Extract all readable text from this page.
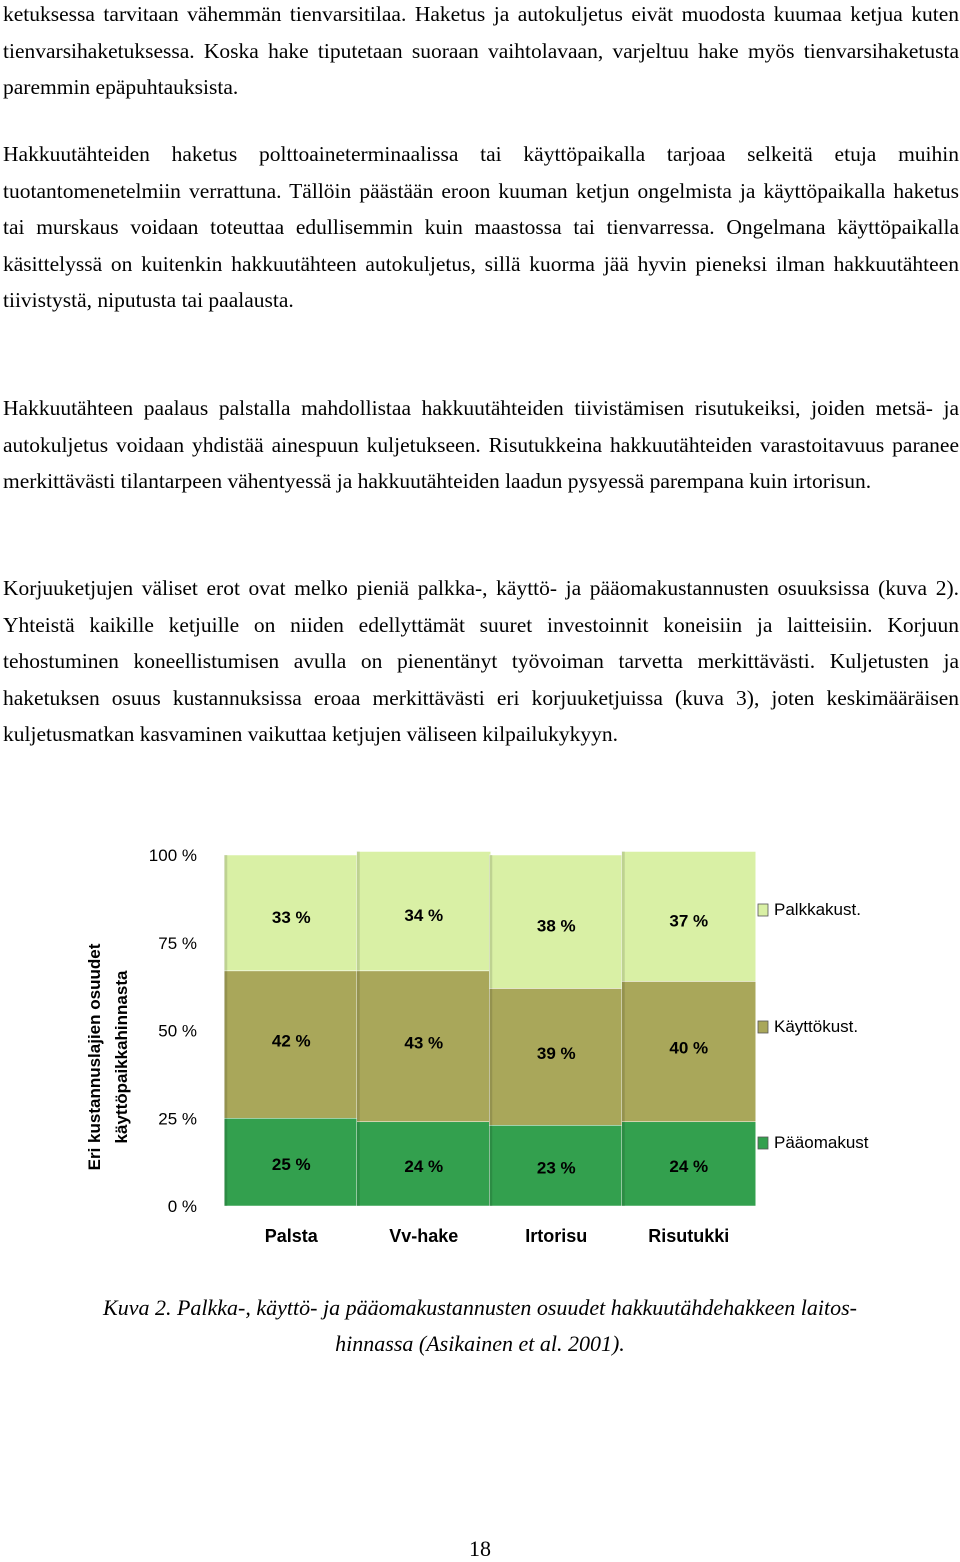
ketuksessa tarvitaan vähemmän tienvarsitilaa. Haketus ja autokuljetus eivät muodosta kuumaa ketjua kuten tienvarsihaketuksessa. Koska hake tiputetaan suoraan vaihtolavaan, varjeltuu hake myös tienvarsihaketusta paremmin epäpuhtauksista.

Hakkuutähteiden haketus polttoaineterminaalissa tai käyttöpaikalla tarjoaa selkeitä etuja muihin tuotantomenetelmiin verrattuna. Tällöin päästään eroon kuuman ketjun ongelmista ja käyttöpaikalla haketus tai murskaus voidaan toteuttaa edullisemmin kuin maastossa tai tienvarressa. Ongelmana käyttöpaikalla käsittelyssä on kuitenkin hakkuutähteen autokuljetus, sillä kuorma jää hyvin pieneksi ilman hakkuutähteen tiivistystä, niputusta tai paalausta.

Hakkuutähteen paalaus palstalla mahdollistaa hakkuutähteiden tiivistämisen risutukeiksi, joiden metsä- ja autokuljetus voidaan yhdistää ainespuun kuljetukseen. Risutukkeina hakkuutähteiden varastoitavuus paranee merkittävästi tilantarpeen vähentyessä ja hakkuutähteiden laadun pysyessä parempana kuin irtorisun.

Korjuuketjujen väliset erot ovat melko pieniä palkka-, käyttö- ja pääomakustannusten osuuksissa (kuva 2). Yhteistä kaikille ketjuille on niiden edellyttämät suuret investoinnit koneisiin ja laitteisiin. Korjuun tehostuminen koneellistumisen avulla on pienentänyt työvoiman tarvetta merkittävästi. Kuljetusten ja haketuksen osuus kustannuksissa eroaa merkittävästi eri korjuuketjuissa (kuva 3), joten keskimääräisen kuljetusmatkan kasvaminen vaikuttaa ketjujen väliseen kilpailukykyyn.

Eri kustannuslajien osuudet käyttöpaikkahinnasta
0 %
25 %
50 %
75 %
100 %
25 %
42 %
33 %
24 %
43 %
34 %
23 %
39 %
38 %
24 %
40 %
37 %
Palsta	Vv-hake	Irtorisu	Risutukki
Palkkakust.
Käyttökust.
Pääomakust
Kuva 2. Palkka-, käyttö- ja pääomakustannusten osuudet hakkuutähdehakkeen laitos-
hinnassa (Asikainen et al. 2001).
18
